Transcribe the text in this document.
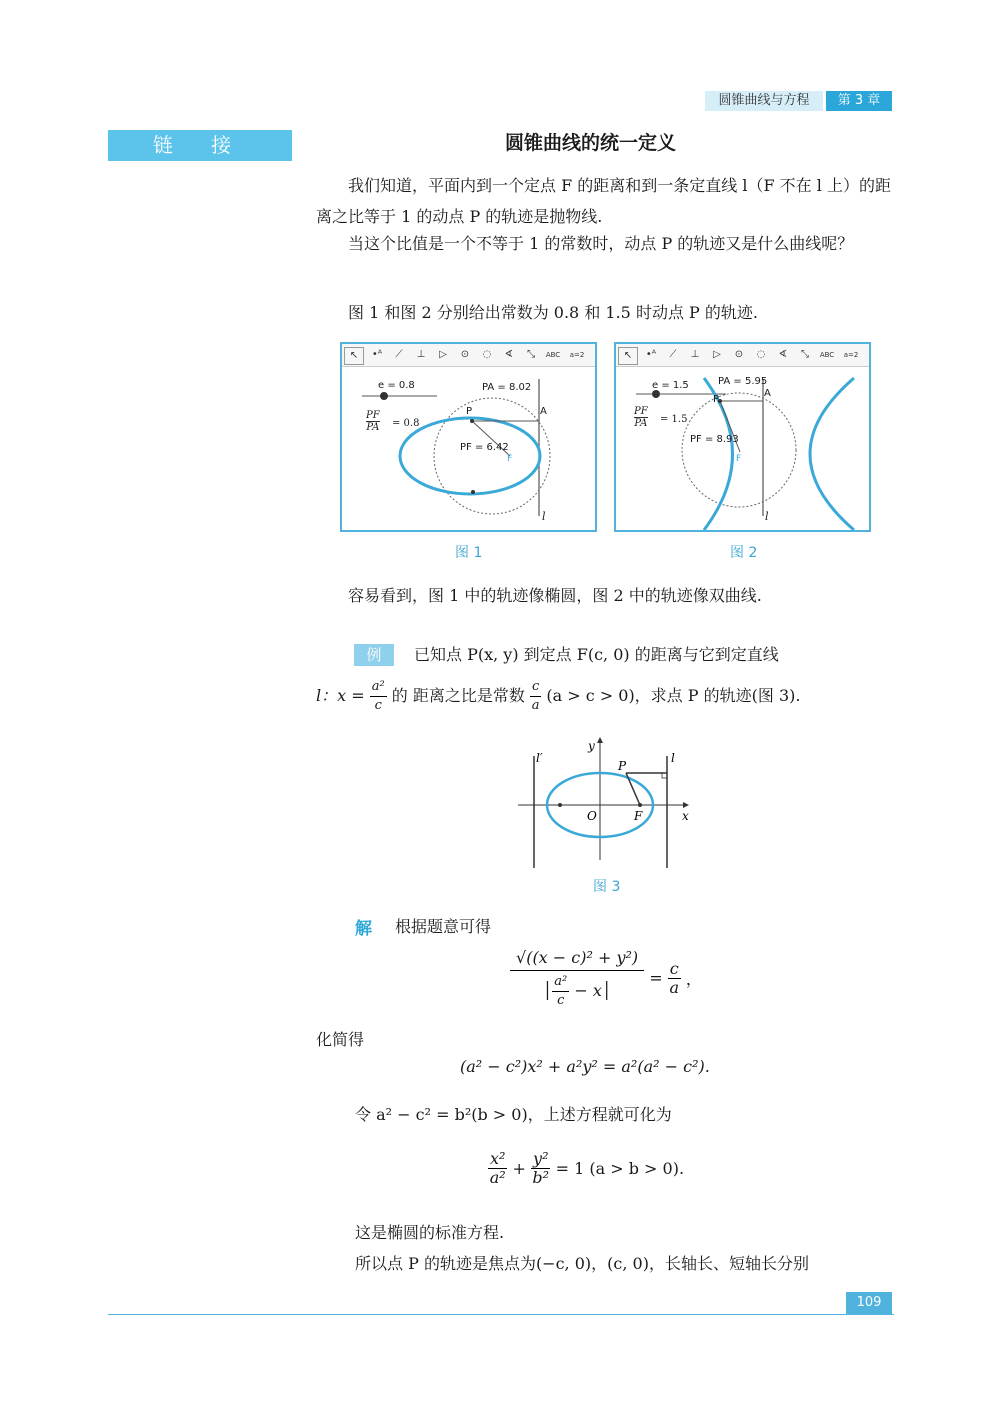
圆锥曲线与方程	第 3 章
链 接	圆锥曲线的统一定义
我们知道，平面内到一个定点 F 的距离和到一条定直线 l（F 不在 l 上）的距离之比等于 1 的动点 P 的轨迹是抛物线.
当这个比值是一个不等于 1 的常数时，动点 P 的轨迹又是什么曲线呢？
图 1 和图 2 分别给出常数为 0.8 和 1.5 时动点 P 的轨迹.
↖	•ᴬ	⟋	⊥	▷	⊙	◌	∢	⤡	ABC a=2
e = 0.8	PA = 8.02
PF
PA = 0.8
P	A
PF = 6.42
F
l
图 1
↖	•ᴬ	⟋	⊥	▷	⊙	◌	∢	⤡	ABC a=2
e = 1.5	PA = 5.95
PF
PA = 1.5
P
A
PF = 8.93
F
l
图 2
容易看到，图 1 中的轨迹像椭圆，图 2 中的轨迹像双曲线.
例	已知点 P(x, y) 到定点 F(c, 0) 的距离与它到定直线
l：$x = \frac{\text{a²}}{c}$ 的 距离之比是常数 $\frac{c}{a} (a > c > 0)$，求点 P 的轨迹(图 3).
y
x
O	F
P
l
l′
图 3
解 根据题意可得
$\frac{\text{√((x − c)² + y²)}}{│ \frac{\text{a²}}{c} - x│} = \frac{c}{a}$ ，
化简得
(a² − c²)x² + a²y² = a²(a² − c²).
令 a² − c² = b²(b > 0)，上述方程就可化为
$\frac{\text{x²}}{\text{a²}} + \frac{\text{y²}}{\text{b²}} = 1$ (a > b > 0).
这是椭圆的标准方程.
所以点 P 的轨迹是焦点为(−c, 0)，(c, 0)，长轴长、短轴长分别
109
